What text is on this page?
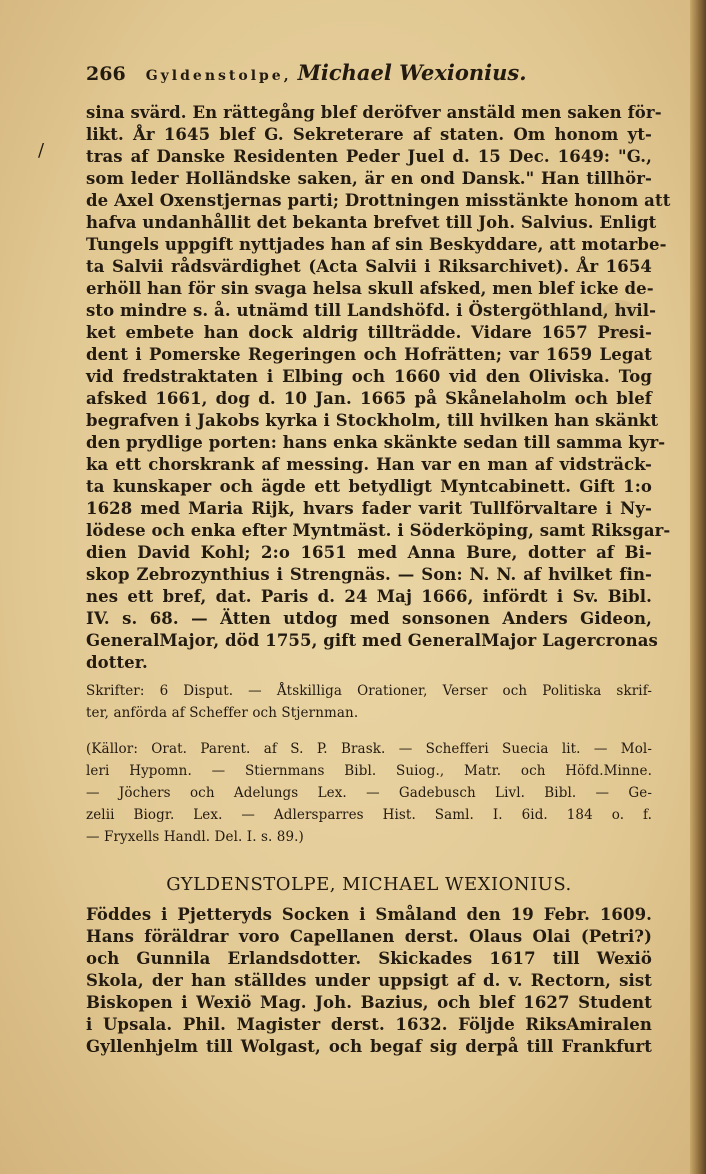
266 Gyldenstolpe, Michael Wexionius.
/
sina svärd. En rättegång blef deröfver anstäld men saken för-
likt. År 1645 blef G. Sekreterare af staten. Om honom yt-
tras af Danske Residenten Peder Juel d. 15 Dec. 1649: "G.,
som leder Holländske saken, är en ond Dansk." Han tillhör-
de Axel Oxenstjernas parti; Drottningen misstänkte honom att
hafva undanhållit det bekanta brefvet till Joh. Salvius. Enligt
Tungels uppgift nyttjades han af sin Beskyddare, att motarbe-
ta Salvii rådsvärdighet (Acta Salvii i Riksarchivet). År 1654
erhöll han för sin svaga helsa skull afsked, men blef icke de-
sto mindre s. å. utnämd till Landshöfd. i Östergöthland, hvil-
ket embete han dock aldrig tillträdde. Vidare 1657 Presi-
dent i Pomerske Regeringen och Hofrätten; var 1659 Legat
vid fredstraktaten i Elbing och 1660 vid den Oliviska. Tog
afsked 1661, dog d. 10 Jan. 1665 på Skånelaholm och blef
begrafven i Jakobs kyrka i Stockholm, till hvilken han skänkt
den prydlige porten: hans enka skänkte sedan till samma kyr-
ka ett chorskrank af messing. Han var en man af vidsträck-
ta kunskaper och ägde ett betydligt Myntcabinett. Gift 1:o
1628 med Maria Rijk, hvars fader varit Tullförvaltare i Ny-
lödese och enka efter Myntmäst. i Söderköping, samt Riksgar-
dien David Kohl; 2:o 1651 med Anna Bure, dotter af Bi-
skop Zebrozynthius i Strengnäs. — Son: N. N. af hvilket fin-
nes ett bref, dat. Paris d. 24 Maj 1666, infördt i Sv. Bibl.
IV. s. 68. — Ätten utdog med sonsonen Anders Gideon,
GeneralMajor, död 1755, gift med GeneralMajor Lagercronas
dotter.
Skrifter: 6 Disput. — Åtskilliga Orationer, Verser och Politiska skrif-
ter, anförda af Scheffer och Stjernman.
(Källor: Orat. Parent. af S. P. Brask. — Schefferi Suecia lit. — Mol-
leri Hypomn. — Stiernmans Bibl. Suiog., Matr. och Höfd.Minne.
— Jöchers och Adelungs Lex. — Gadebusch Livl. Bibl. — Ge-
zelii Biogr. Lex. — Adlersparres Hist. Saml. I. 6id. 184 o. f.
— Fryxells Handl. Del. I. s. 89.)
GYLDENSTOLPE, MICHAEL WEXIONIUS.
Föddes i Pjetteryds Socken i Småland den 19 Febr. 1609.
Hans föräldrar voro Capellanen derst. Olaus Olai (Petri?)
och Gunnila Erlandsdotter. Skickades 1617 till Wexiö
Skola, der han ställdes under uppsigt af d. v. Rectorn, sist
Biskopen i Wexiö Mag. Joh. Bazius, och blef 1627 Student
i Upsala. Phil. Magister derst. 1632. Följde RiksAmiralen
Gyllenhjelm till Wolgast, och begaf sig derpå till Frankfurt
